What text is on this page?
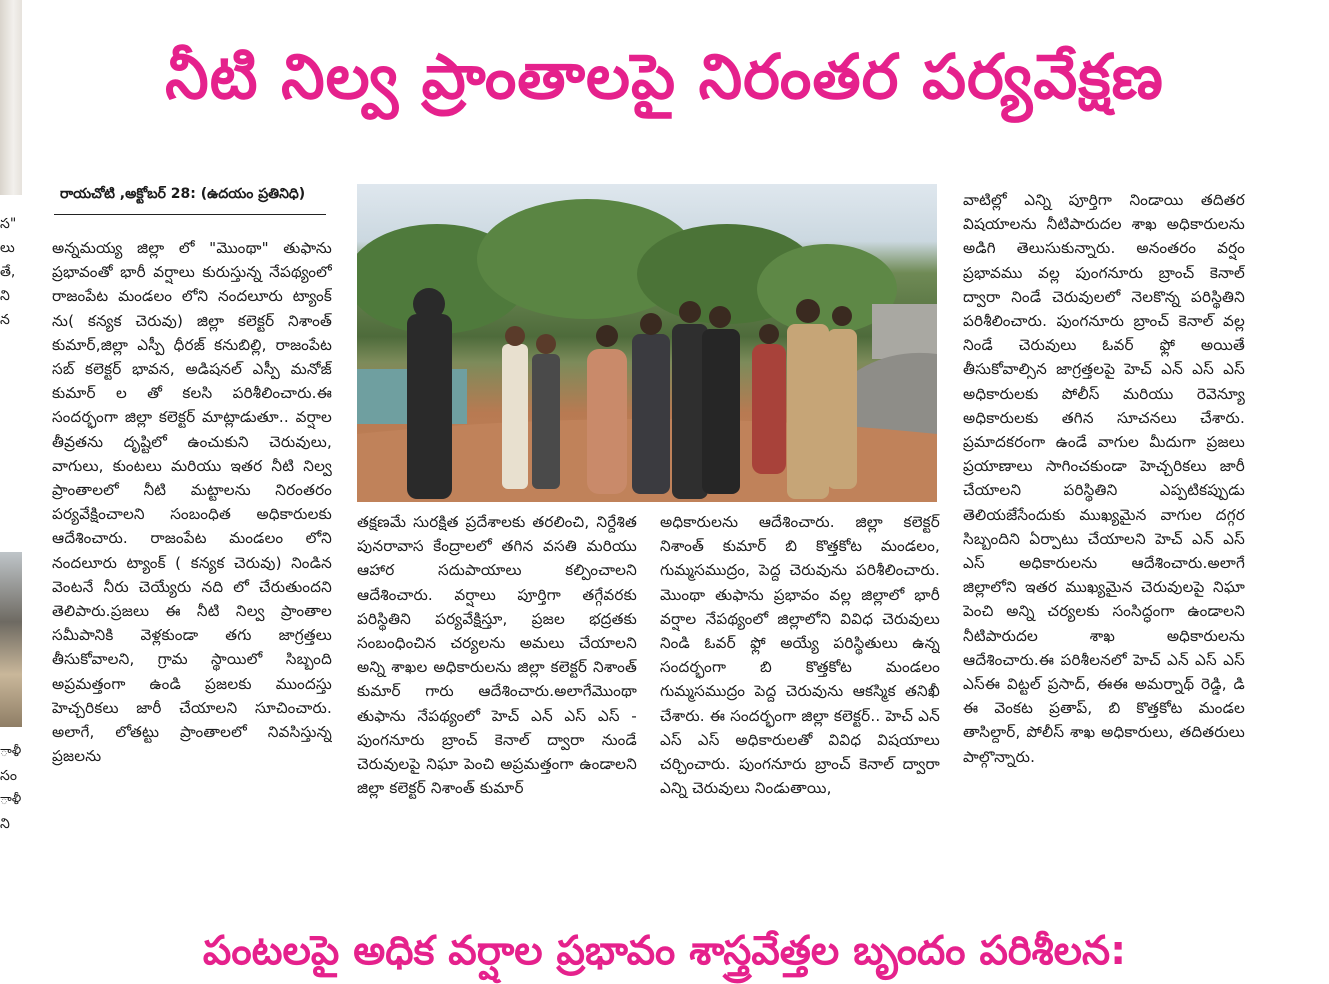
స"
లు
తే,
ని
న
ాళీ
సం
ాళీ
ని
నీటి నిల్వ ప్రాంతాలపై నిరంతర పర్యవేక్షణ
రాయచోటి ,అక్టోబర్ 28: (ఉదయం ప్రతినిధి)
అన్నమయ్య జిల్లా లో "మొంథా" తుఫాను ప్రభావంతో భారీ వర్షాలు కురుస్తున్న నేపథ్యంలో రాజంపేట మండలం లోని నందలూరు ట్యాంక్ ను( కన్యక చెరువు) జిల్లా కలెక్టర్ నిశాంత్ కుమార్,జిల్లా ఎస్పీ ధీరజ్ కనుబిల్లి, రాజంపేట సబ్ కలెక్టర్ భావన, అడిషనల్ ఎస్పీ మనోజ్ కుమార్ ల తో కలసి పరిశీలించారు.ఈ సందర్భంగా జిల్లా కలెక్టర్ మాట్లాడుతూ.. వర్షాల తీవ్రతను దృష్టిలో ఉంచుకుని చెరువులు, వాగులు, కుంటలు మరియు ఇతర నీటి నిల్వ ప్రాంతాలలో నీటి మట్టాలను నిరంతరం పర్యవేక్షించాలని సంబంధిత అధికారులకు ఆదేశించారు. రాజంపేట మండలం లోని నందలూరు ట్యాంక్ ( కన్యక చెరువు) నిండిన వెంటనే నీరు చెయ్యేరు నది లో చేరుతుందని తెలిపారు.ప్రజలు ఈ నీటి నిల్వ ప్రాంతాల సమీపానికి వెళ్లకుండా తగు జాగ్రత్తలు తీసుకోవాలని, గ్రామ స్థాయిలో సిబ్బంది అప్రమత్తంగా ఉండి ప్రజలకు ముందస్తు హెచ్చరికలు జారీ చేయాలని సూచించారు. అలాగే, లోతట్టు ప్రాంతాలలో నివసిస్తున్న ప్రజలను
తక్షణమే సురక్షిత ప్రదేశాలకు తరలించి, నిర్దేశిత పునరావాస కేంద్రాలలో తగిన వసతి మరియు ఆహార సదుపాయాలు కల్పించాలని ఆదేశించారు. వర్షాలు పూర్తిగా తగ్గేవరకు పరిస్థితిని పర్యవేక్షిస్తూ, ప్రజల భద్రతకు సంబంధించిన చర్యలను అమలు చేయాలని అన్ని శాఖల అధికారులను జిల్లా కలెక్టర్ నిశాంత్ కుమార్ గారు ఆదేశించారు.అలాగేమొంథా తుఫాను నేపథ్యంలో హెచ్ ఎన్ ఎస్ ఎస్ - పుంగనూరు బ్రాంచ్ కెనాల్ ద్వారా నుండే చెరువులపై నిఘా పెంచి అప్రమత్తంగా ఉండాలని జిల్లా కలెక్టర్ నిశాంత్ కుమార్
అధికారులను ఆదేశించారు. జిల్లా కలెక్టర్ నిశాంత్ కుమార్ బి కొత్తకోట మండలం, గుమ్మసముద్రం, పెద్ద చెరువును పరిశీలించారు. మొంథా తుఫాను ప్రభావం వల్ల జిల్లాలో భారీ వర్షాల నేపథ్యంలో జిల్లాలోని వివిధ చెరువులు నిండి ఓవర్ ఫ్లో అయ్యే పరిస్థితులు ఉన్న సందర్భంగా బి కొత్తకోట మండలం గుమ్మసముద్రం పెద్ద చెరువును ఆకస్మిక తనిఖీ చేశారు. ఈ సందర్భంగా జిల్లా కలెక్టర్.. హెచ్ ఎన్ ఎస్ ఎస్ అధికారులతో వివిధ విషయాలు చర్చించారు. పుంగనూరు బ్రాంచ్ కెనాల్ ద్వారా ఎన్ని చెరువులు నిండుతాయి,
వాటిల్లో ఎన్ని పూర్తిగా నిండాయి తదితర విషయాలను నీటిపారుదల శాఖ అధికారులను అడిగి తెలుసుకున్నారు. అనంతరం వర్షం ప్రభావము వల్ల పుంగనూరు బ్రాంచ్ కెనాల్ ద్వారా నిండే చెరువులలో నెలకొన్న పరిస్థితిని పరిశీలించారు. పుంగనూరు బ్రాంచ్ కెనాల్ వల్ల నిండే చెరువులు ఓవర్ ఫ్లో అయితే తీసుకోవాల్సిన జాగ్రత్తలపై హెచ్ ఎన్ ఎస్ ఎస్ అధికారులకు పోలీస్ మరియు రెవెన్యూ అధికారులకు తగిన సూచనలు చేశారు. ప్రమాదకరంగా ఉండే వాగుల మీదుగా ప్రజలు ప్రయాణాలు సాగించకుండా హెచ్చరికలు జారీ చేయాలని పరిస్థితిని ఎప్పటికప్పుడు తెలియజేసేందుకు ముఖ్యమైన వాగుల దగ్గర సిబ్బందిని ఏర్పాటు చేయాలని హెచ్ ఎన్ ఎస్ ఎస్ అధికారులను ఆదేశించారు.అలాగే జిల్లాలోని ఇతర ముఖ్యమైన చెరువులపై నిఘా పెంచి అన్ని చర్యలకు సంసిద్ధంగా ఉండాలని నీటిపారుదల శాఖ అధికారులను ఆదేశించారు.ఈ పరిశీలనలో హెచ్ ఎన్ ఎస్ ఎస్ ఎస్ఈ విట్టల్ ప్రసాద్, ఈఈ అమర్నాథ్ రెడ్డి, డి ఈ వెంకట ప్రతాప్, బి కొత్తకోట మండల తాసిల్దార్, పోలీస్ శాఖ అధికారులు, తదితరులు పాల్గొన్నారు.
పంటలపై అధిక వర్షాల ప్రభావం శాస్త్రవేత్తల బృందం పరిశీలన:
